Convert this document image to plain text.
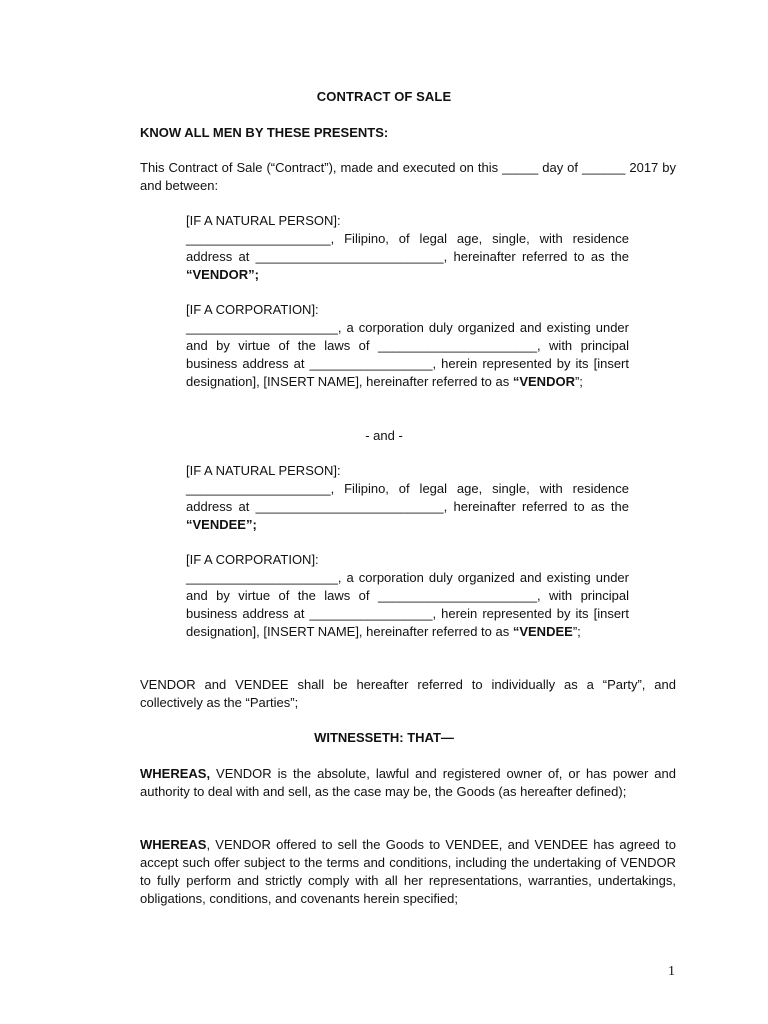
CONTRACT OF SALE
KNOW ALL MEN BY THESE PRESENTS:
This Contract of Sale (“Contract”), made and executed on this _____ day of ______ 2017 by and between:
[IF A NATURAL PERSON]:
____________________, Filipino, of legal age, single, with residence address at __________________________, hereinafter referred to as the “VENDOR”;
[IF A CORPORATION]:
_____________________, a corporation duly organized and existing under and by virtue of the laws of ______________________, with principal business address at _________________, herein represented by its [insert designation], [INSERT NAME], hereinafter referred to as “VENDOR”;
- and -
[IF A NATURAL PERSON]:
____________________, Filipino, of legal age, single, with residence address at __________________________, hereinafter referred to as the “VENDEE”;
[IF A CORPORATION]:
_____________________, a corporation duly organized and existing under and by virtue of the laws of ______________________, with principal business address at _________________, herein represented by its [insert designation], [INSERT NAME], hereinafter referred to as “VENDEE”;
VENDOR and VENDEE shall be hereafter referred to individually as a “Party”, and collectively as the “Parties”;
WITNESSETH: THAT—
WHEREAS, VENDOR is the absolute, lawful and registered owner of, or has power and authority to deal with and sell, as the case may be, the Goods (as hereafter defined);
WHEREAS, VENDOR offered to sell the Goods to VENDEE, and VENDEE has agreed to accept such offer subject to the terms and conditions, including the undertaking of VENDOR to fully perform and strictly comply with all her representations, warranties, undertakings, obligations, conditions, and covenants herein specified;
1
